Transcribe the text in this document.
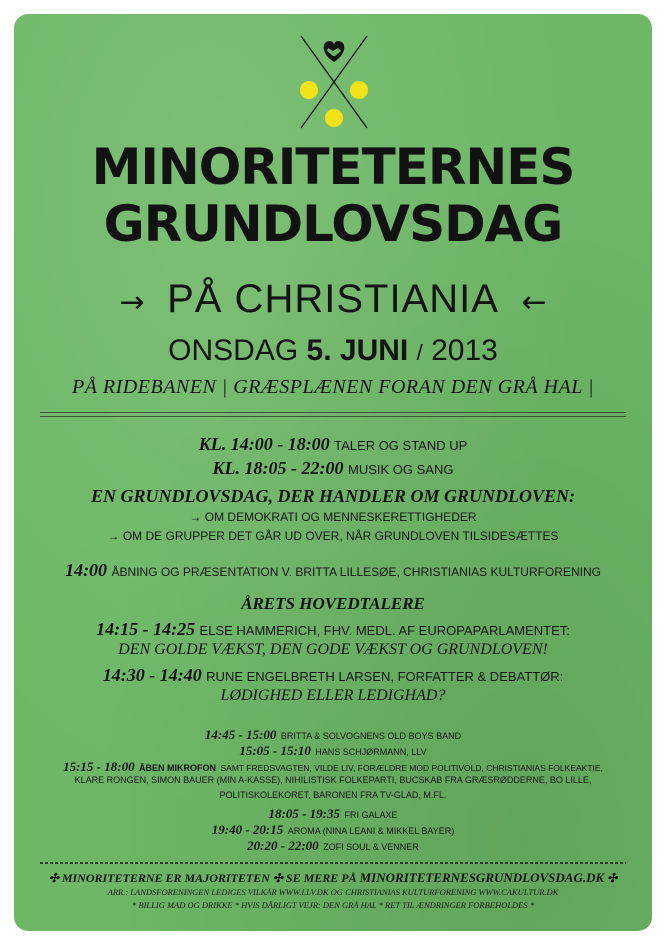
MINORITETERNES
GRUNDLOVSDAG
→ PÅ CHRISTIANIA ←
ONSDAG 5. JUNI / 2013
PÅ RIDEBANEN | GRÆSPLÆNEN FORAN DEN GRÅ HAL |
KL. 14:00 - 18:00 TALER OG STAND UP
KL. 18:05 - 22:00 MUSIK OG SANG
EN GRUNDLOVSDAG, DER HANDLER OM GRUNDLOVEN:
→ OM DEMOKRATI OG MENNESKERETTIGHEDER
→ OM DE GRUPPER DET GÅR UD OVER, NÅR GRUNDLOVEN TILSIDESÆTTES
14:00 ÅBNING OG PRÆSENTATION V. BRITTA LILLESØE, CHRISTIANIAS KULTURFORENING
ÅRETS HOVEDTALERE
14:15 - 14:25 ELSE HAMMERICH, FHV. MEDL. AF EUROPAPARLAMENTET:
DEN GOLDE VÆKST, DEN GODE VÆKST OG GRUNDLOVEN!
14:30 - 14:40 RUNE ENGELBRETH LARSEN, FORFATTER & DEBATTØR:
LØDIGHED ELLER LEDIGHAD?
14:45 - 15:00 BRITTA & SOLVOGNENS OLD BOYS BAND
15:05 - 15:10 HANS SCHJØRMANN, LLV
15:15 - 18:00 ÅBEN MIKROFON SAMT FREDSVAGTEN, VILDE LIV, FORÆLDRE MOD POLITIVOLD, CHRISTIANIAS FOLKEAKTIE,
KLARE RONGEN, SIMON BAUER (MIN A-KASSE), NIHILISTISK FOLKEPARTI, BUCSKAB FRA GRÆSRØDDERNE, BO LILLE,
POLITISKOLEKORET, BARONEN FRA TV-GLAD, M.FL.
18:05 - 19:35 FRI GALAXE
19:40 - 20:15 AROMA (NINA LEANI & MIKKEL BAYER)
20:20 - 22:00 ZOFI SOUL & VENNER
✣ MINORITETERNE ER MAJORITETEN ✣ SE MERE PÅ MINORITETERNESGRUNDLOVSDAG.DK ✣
ARR.: LANDSFORENINGEN LEDIGES VILKÅR WWW.LLV.DK OG CHRISTIANIAS KULTURFORENING WWW.CAKULTUR.DK
* BILLIG MAD OG DRIKKE * HVIS DÅRLIGT VEJR: DEN GRÅ HAL * RET TIL ÆNDRINGER FORBEHOLDES *
